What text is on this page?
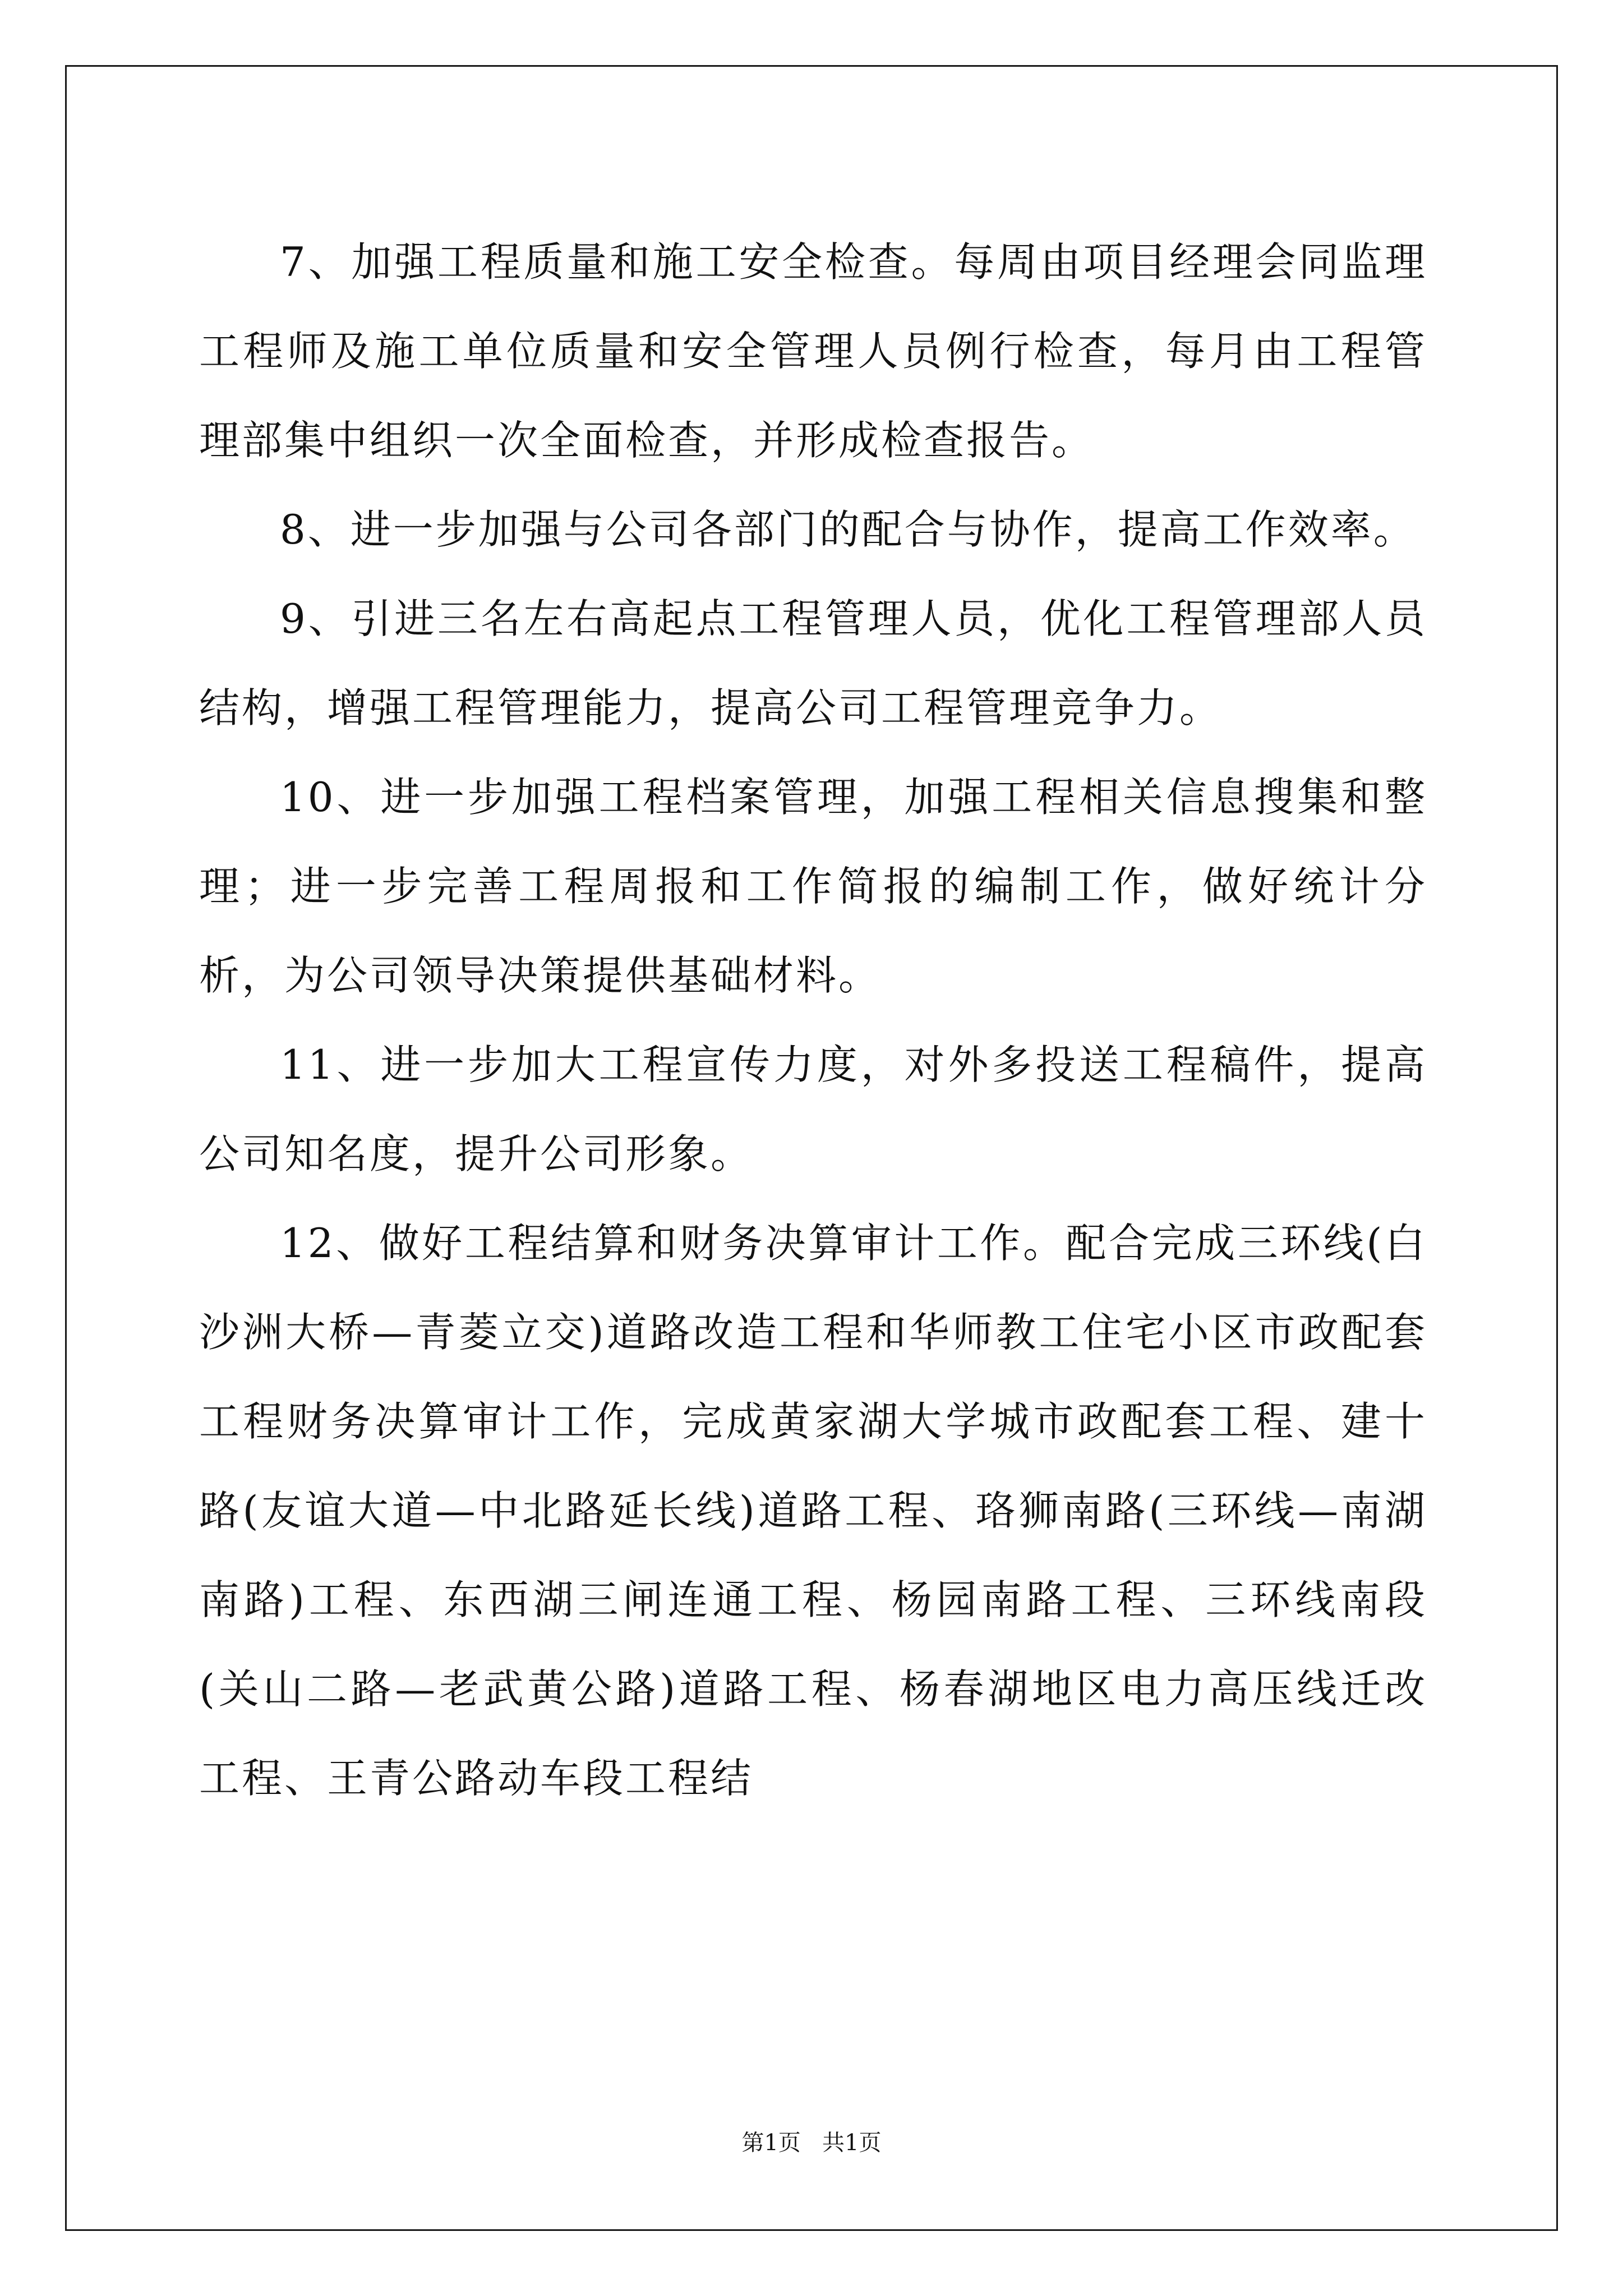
7、加强工程质量和施工安全检查。每周由项目经理会同监理工程师及施工单位质量和安全管理人员例行检查，每月由工程管理部集中组织一次全面检查，并形成检查报告。

8、进一步加强与公司各部门的配合与协作，提高工作效率。

9、引进三名左右高起点工程管理人员，优化工程管理部人员结构，增强工程管理能力，提高公司工程管理竞争力。

10、进一步加强工程档案管理，加强工程相关信息搜集和整理；进一步完善工程周报和工作简报的编制工作，做好统计分析，为公司领导决策提供基础材料。

11、进一步加大工程宣传力度，对外多投送工程稿件，提高公司知名度，提升公司形象。

12、做好工程结算和财务决算审计工作。配合完成三环线(白沙洲大桥—青菱立交)道路改造工程和华师教工住宅小区市政配套工程财务决算审计工作，完成黄家湖大学城市政配套工程、建十路(友谊大道—中北路延长线)道路工程、珞狮南路(三环线—南湖南路)工程、东西湖三闸连通工程、杨园南路工程、三环线南段(关山二路—老武黄公路)道路工程、杨春湖地区电力高压线迁改工程、王青公路动车段工程结

第1页   共1页
